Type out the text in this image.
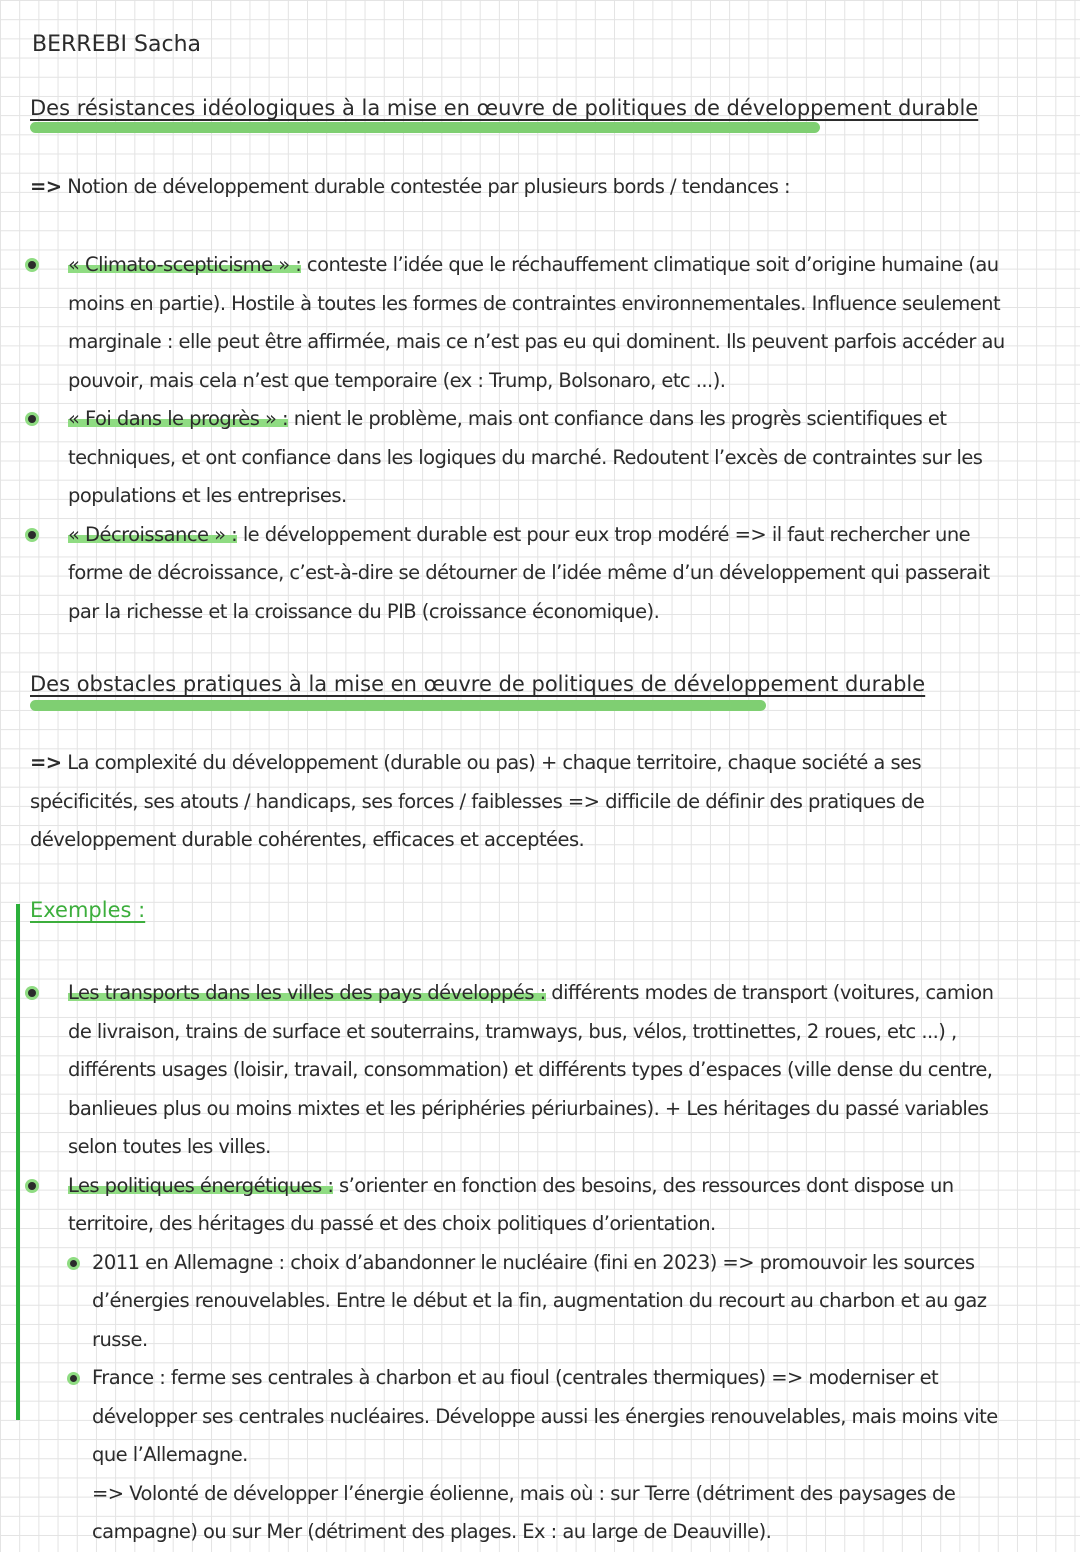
BERREBI Sacha
Des résistances idéologiques à la mise en œuvre de politiques de développement durable
=> Notion de développement durable contestée par plusieurs bords / tendances :
« Climato-scepticisme » : conteste l’idée que le réchauffement climatique soit d’origine humaine (au moins en partie). Hostile à toutes les formes de contraintes environnementales. Influence seulement marginale : elle peut être affirmée, mais ce n’est pas eu qui dominent. Ils peuvent parfois accéder au pouvoir, mais cela n’est que temporaire (ex : Trump, Bolsonaro, etc ...).
« Foi dans le progrès » : nient le problème, mais ont confiance dans les progrès scientifiques et techniques, et ont confiance dans les logiques du marché. Redoutent l’excès de contraintes sur les populations et les entreprises.
« Décroissance » : le développement durable est pour eux trop modéré => il faut rechercher une forme de décroissance, c’est-à-dire se détourner de l’idée même d’un développement qui passerait par la richesse et la croissance du PIB (croissance économique).
Des obstacles pratiques à la mise en œuvre de politiques de développement durable
=> La complexité du développement (durable ou pas) + chaque territoire, chaque société a ses spécificités, ses atouts / handicaps, ses forces / faiblesses => difficile de définir des pratiques de développement durable cohérentes, efficaces et acceptées.
Exemples :
Les transports dans les villes des pays développés : différents modes de transport (voitures, camion de livraison, trains de surface et souterrains, tramways, bus, vélos, trottinettes, 2 roues, etc ...) , différents usages (loisir, travail, consommation) et différents types d’espaces (ville dense du centre, banlieues plus ou moins mixtes et les périphéries périurbaines). + Les héritages du passé variables selon toutes les villes.
Les politiques énergétiques : s’orienter en fonction des besoins, des ressources dont dispose un territoire, des héritages du passé et des choix politiques d’orientation.
2011 en Allemagne : choix d’abandonner le nucléaire (fini en 2023) => promouvoir les sources d’énergies renouvelables. Entre le début et la fin, augmentation du recourt au charbon et au gaz russe.
France : ferme ses centrales à charbon et au fioul (centrales thermiques) => moderniser et développer ses centrales nucléaires. Développe aussi les énergies renouvelables, mais moins vite que l’Allemagne.
=> Volonté de développer l’énergie éolienne, mais où : sur Terre (détriment des paysages de campagne) ou sur Mer (détriment des plages. Ex : au large de Deauville).
